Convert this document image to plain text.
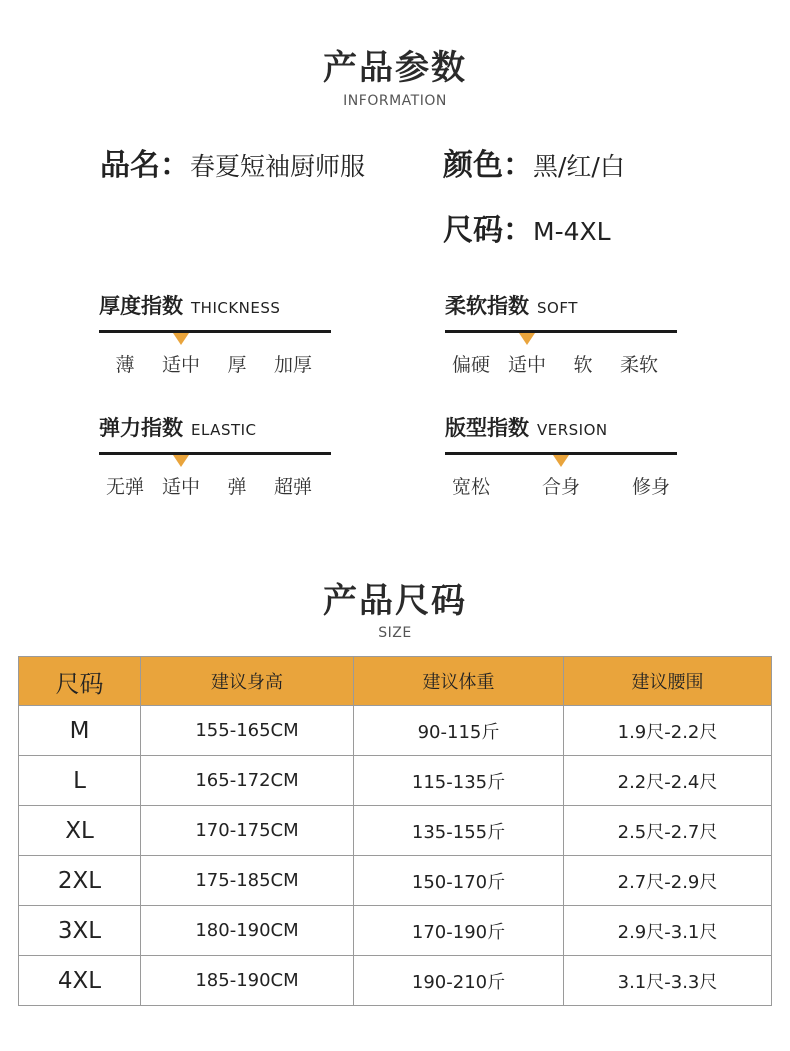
产品参数
INFORMATION
品名：春夏短袖厨师服	颜色：黑/红/白
尺码：M-4XL
厚度指数 THICKNESS
薄 适中 厚 加厚
柔软指数 SOFT
偏硬 适中 软 柔软
弹力指数 ELASTIC
无弹 适中 弹 超弹
版型指数 VERSION
宽松	合身	修身
产品尺码
SIZE
尺码	建议身高	建议体重	建议腰围
M	155-165CM	90-115斤	1.9尺-2.2尺
L	165-172CM	115-135斤	2.2尺-2.4尺
XL	170-175CM	135-155斤	2.5尺-2.7尺
2XL	175-185CM	150-170斤	2.7尺-2.9尺
3XL	180-190CM	170-190斤	2.9尺-3.1尺
4XL	185-190CM	190-210斤	3.1尺-3.3尺
